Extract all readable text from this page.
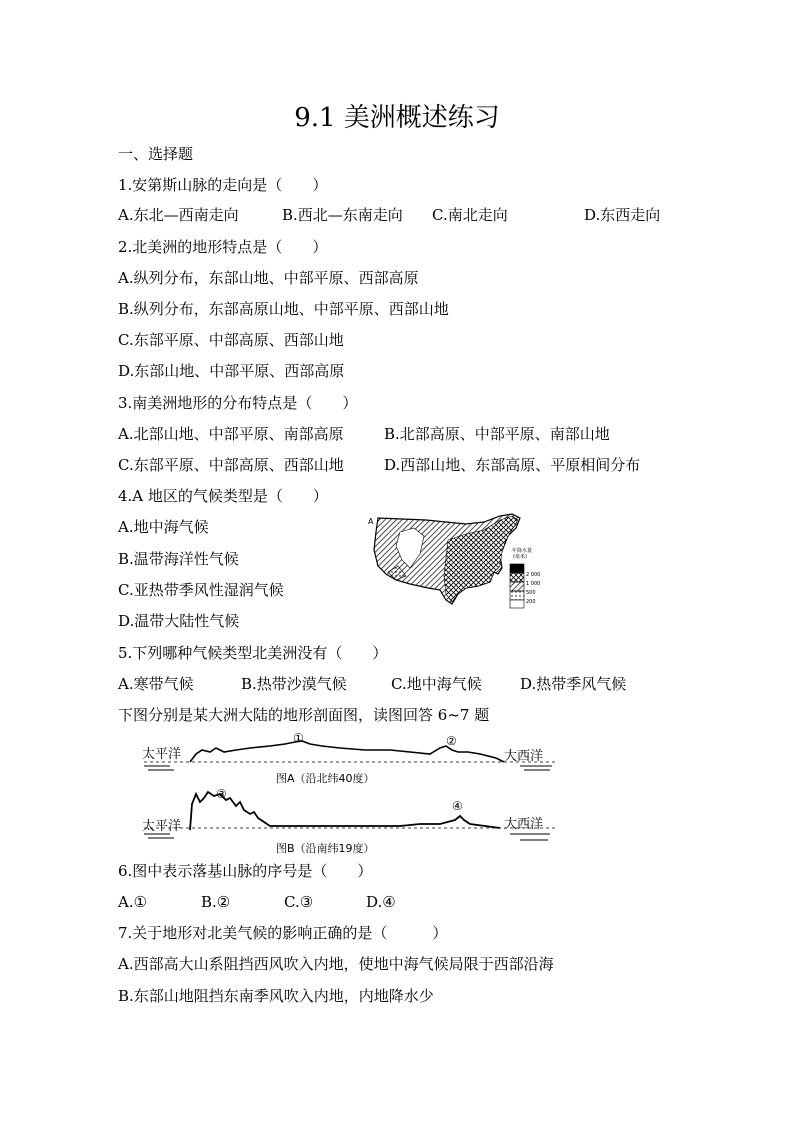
9.1 美洲概述练习
一、选择题
1.安第斯山脉的走向是（　　）
A.东北—西南走向	B.西北—东南走向 C.南北走向	D.东西走向
2.北美洲的地形特点是（　　）
A.纵列分布，东部山地、中部平原、西部高原
B.纵列分布，东部高原山地、中部平原、西部山地
C.东部平原、中部高原、西部山地
D.东部山地、中部平原、西部高原
3.南美洲地形的分布特点是（　　）
A.北部山地、中部平原、南部高原	B.北部高原、中部平原、南部山地
C.东部平原、中部高原、西部山地	D.西部山地、东部高原、平原相间分布
4.A 地区的气候类型是（　　）
A.地中海气候
B.温带海洋性气候
C.亚热带季风性湿润气候
D.温带大陆性气候
A
年降水量
(毫米)
2 000
1 000
500
200
5.下列哪种气候类型北美洲没有（　　）
A.寒带气候	B.热带沙漠气候	C.地中海气候	D.热带季风气候
下图分别是某大洲大陆的地形剖面图，读图回答 6~7 题
太平洋	大西洋
①	②
图A（沿北纬40度）
太平洋	大西洋
③
④
图B（沿南纬19度）
6.图中表示落基山脉的序号是（　　）
A.①	B.②	C.③	D.④
7.关于地形对北美气候的影响正确的是（　　　）
A.西部高大山系阻挡西风吹入内地，使地中海气候局限于西部沿海
B.东部山地阻挡东南季风吹入内地，内地降水少
